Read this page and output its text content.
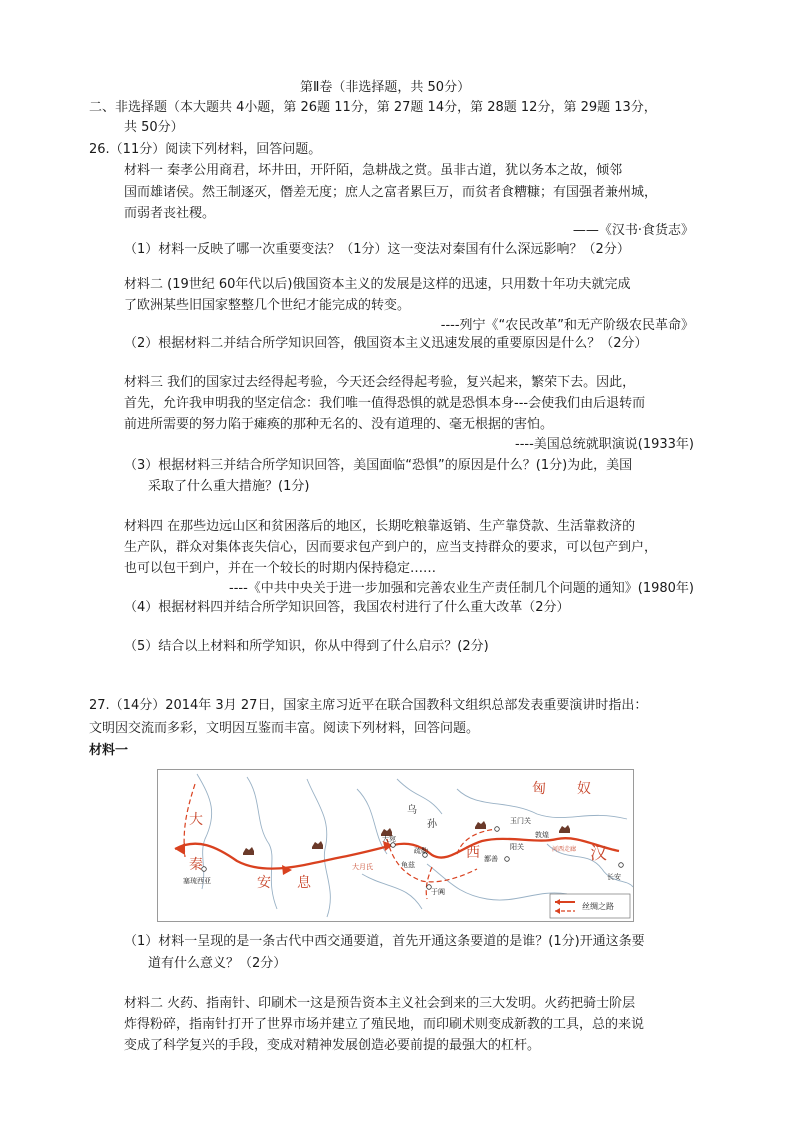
第Ⅱ卷（非选择题，共 50分）
二、非选择题（本大题共 4小题，第 26题 11分，第 27题 14分，第 28题 12分，第 29题 13分，
共 50分）
26.（11分）阅读下列材料，回答问题。
材料一 秦孝公用商君，坏井田，开阡陌，急耕战之赏。虽非古道，犹以务本之故，倾邻
国而雄诸侯。然王制逐灭，僭差无度；庶人之富者累巨万，而贫者食糟糠；有国强者兼州城，
而弱者丧社稷。
——《汉书·食货志》
（1）材料一反映了哪一次重要变法？（1分）这一变法对秦国有什么深远影响？（2分）
材料二 (19世纪 60年代以后)俄国资本主义的发展是这样的迅速，只用数十年功夫就完成
了欧洲某些旧国家整整几个世纪才能完成的转变。
----列宁《“农民改革”和无产阶级农民革命》
（2）根据材料二并结合所学知识回答，俄国资本主义迅速发展的重要原因是什么？（2分）
材料三 我们的国家过去经得起考验，今天还会经得起考验，复兴起来，繁荣下去。因此，
首先，允许我申明我的坚定信念：我们唯一值得恐惧的就是恐惧本身---会使我们由后退转而
前进所需要的努力陷于瘫痪的那种无名的、没有道理的、毫无根据的害怕。
----美国总统就职演说(1933年)
（3）根据材料三并结合所学知识回答，美国面临“恐惧”的原因是什么？(1分)为此，美国
采取了什么重大措施？(1分)
材料四 在那些边远山区和贫困落后的地区，长期吃粮靠返销、生产靠贷款、生活靠救济的
生产队，群众对集体丧失信心，因而要求包产到户的，应当支持群众的要求，可以包产到户，
也可以包干到户，并在一个较长的时期内保持稳定……
----《中共中央关于进一步加强和完善农业生产责任制几个问题的通知》(1980年)
（4）根据材料四并结合所学知识回答，我国农村进行了什么重大改革（2分）
（5）结合以上材料和所学知识，你从中得到了什么启示？(2分)
27.（14分）2014年 3月 27日，国家主席习近平在联合国教科文组织总部发表重要演讲时指出：
文明因交流而多彩，文明因互鉴而丰富。阅读下列材料，回答问题。
材料一
匈 奴
大
秦
安 息
西	汉
乌
孙
大宛
大月氏
疏勒
龟兹
鄯善
玉门关
阳关
敦煌
河西走廊
于阗
塞琉西亚	长安
丝绸之路
（1）材料一呈现的是一条古代中西交通要道，首先开通这条要道的是谁？(1分)开通这条要
道有什么意义？（2分）
材料二 火药、指南针、印刷术一这是预告资本主义社会到来的三大发明。火药把骑士阶层
炸得粉碎，指南针打开了世界市场并建立了殖民地，而印刷术则变成新教的工具，总的来说
变成了科学复兴的手段，变成对精神发展创造必要前提的最强大的杠杆。
